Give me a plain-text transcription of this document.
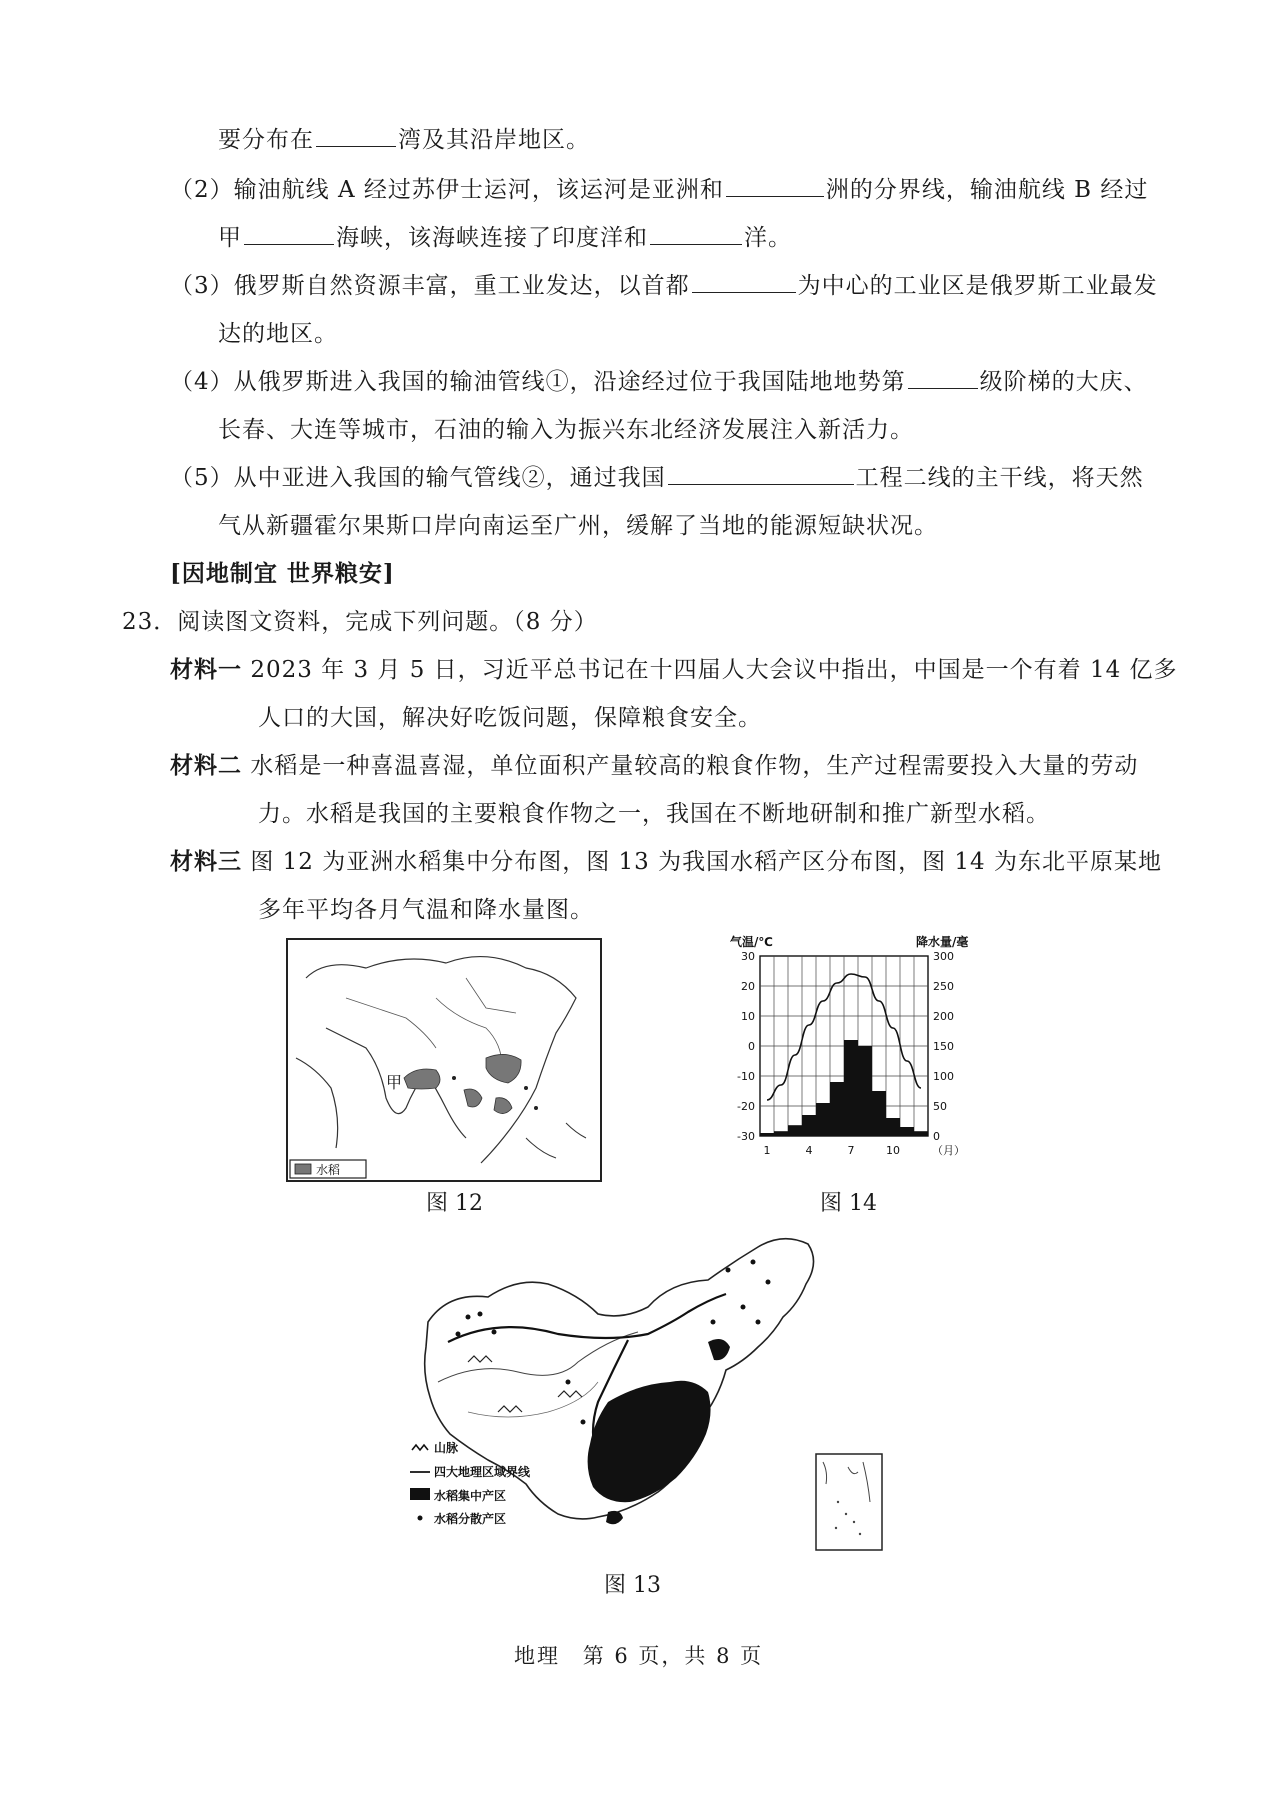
要分布在	湾及其沿岸地区。
（2）输油航线 A 经过苏伊士运河，该运河是亚洲和	洲的分界线，输油航线 B 经过
甲	海峡，该海峡连接了印度洋和	洋。
（3）俄罗斯自然资源丰富，重工业发达，以首都	为中心的工业区是俄罗斯工业最发
达的地区。
（4）从俄罗斯进入我国的输油管线①，沿途经过位于我国陆地地势第	级阶梯的大庆、
长春、大连等城市，石油的输入为振兴东北经济发展注入新活力。
（5）从中亚进入我国的输气管线②，通过我国	工程二线的主干线，将天然
气从新疆霍尔果斯口岸向南运至广州，缓解了当地的能源短缺状况。
[因地制宜 世界粮安]
23．阅读图文资料，完成下列问题。（8 分）
材料一 2023 年 3 月 5 日，习近平总书记在十四届人大会议中指出，中国是一个有着 14 亿多
人口的大国，解决好吃饭问题，保障粮食安全。
材料二 水稻是一种喜温喜湿，单位面积产量较高的粮食作物，生产过程需要投入大量的劳动
力。水稻是我国的主要粮食作物之一，我国在不断地研制和推广新型水稻。
材料三 图 12 为亚洲水稻集中分布图，图 13 为我国水稻产区分布图，图 14 为东北平原某地
多年平均各月气温和降水量图。
甲
水稻
图 12
气温/℃	降水量/毫
30
20
10
0
-10
-20
-30
300
250
200
150
100
50
0
1	4	7	10	（月）
图 14
山脉
四大地理区域界线
水稻集中产区
水稻分散产区
图 13
地理 第 6 页，共 8 页
